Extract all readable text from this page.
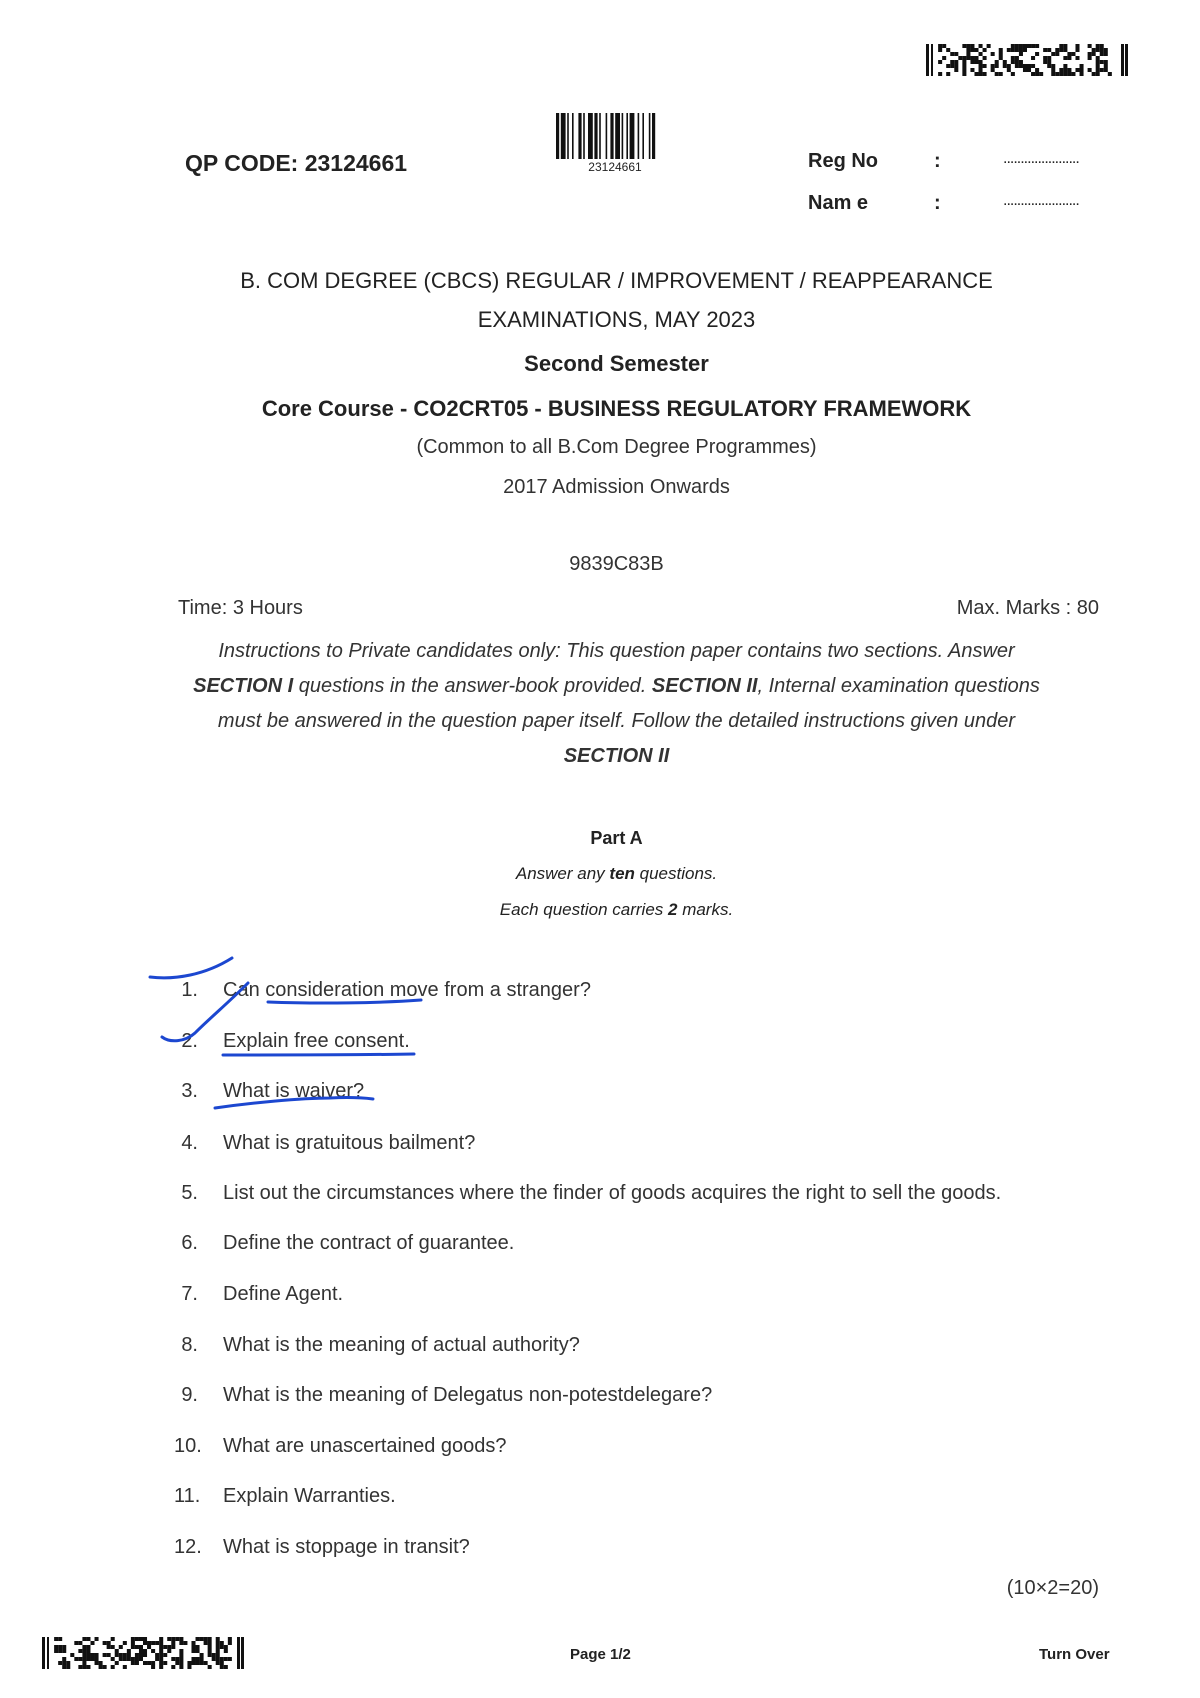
QP CODE: 23124661	23124661	Reg No	:	......................
Nam e	:	......................
B. COM DEGREE (CBCS) REGULAR / IMPROVEMENT / REAPPEARANCE
EXAMINATIONS, MAY 2023
Second Semester
Core Course - CO2CRT05 - BUSINESS REGULATORY FRAMEWORK
(Common to all B.Com Degree Programmes)
2017 Admission Onwards
9839C83B
Time: 3 Hours	Max. Marks : 80
Instructions to Private candidates only: This question paper contains two sections. Answer
SECTION I questions in the answer-book provided. SECTION II, Internal examination questions
must be answered in the question paper itself. Follow the detailed instructions given under
SECTION II
Part A
Answer any ten questions.
Each question carries 2 marks.
1. Can consideration move from a stranger?
2. Explain free consent.
3. What is waiver?
4. What is gratuitous bailment?
5. List out the circumstances where the finder of goods acquires the right to sell the goods.
6. Define the contract of guarantee.
7. Define Agent.
8. What is the meaning of actual authority?
9. What is the meaning of Delegatus non-potestdelegare?
10. What are unascertained goods?
11. Explain Warranties.
12. What is stoppage in transit?
(10×2=20)
Page 1/2	Turn Over
